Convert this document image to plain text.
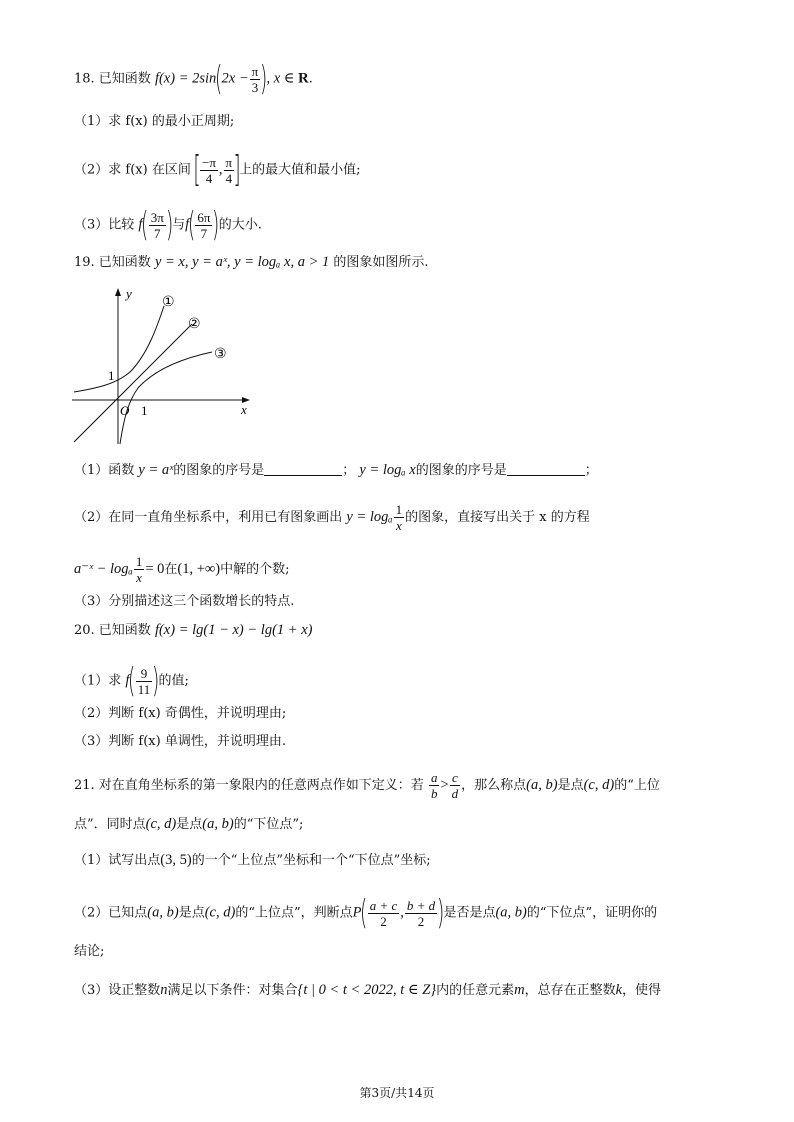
18. 已知函数 $f(x) = 2\sin(2x - \frac{\pi}{3}$ ), x ∈ R.
（1）求 f(x) 的最小正周期;
（2）求 f(x) 在区间 [ $\frac{-\pi}{4}$ , $\frac{\pi}{4}$ ]上的最大值和最小值;
（3）比较 $f( \frac{3\pi}{7}$ )与$f( \frac{6\pi}{7}$ )的大小.
19. 已知函数 y = x, y = aˣ, y = logₐ x, a > 1 的图象如图所示.
y
x
O 1
1
①
②
③
（1）函数 y = aˣ的图象的序号是	； y = logₐ x的图象的序号是	；
（2）在同一直角坐标系中，利用已有图象画出 y = logₐ $\frac{1}{x}$ 的图象，直接写出关于 x 的方程
a⁻ˣ − logₐ $\frac{1}{x} = 0$在(1, +∞)中解的个数;
（3）分别描述这三个函数增长的特点.
20. 已知函数 f(x) = lg(1 − x) − lg(1 + x)
（1）求 $f( \frac{9}{11}$ )的值;
（2）判断 f(x) 奇偶性，并说明理由;
（3）判断 f(x) 单调性，并说明理由.
21. 对在直角坐标系的第一象限内的任意两点作如下定义：若 $\frac{a}{b} > \frac{c}{d}$ ，那么称点(a, b)是点(c, d)的“上位
点”．同时点(c, d)是点(a, b)的“下位点”;
（1）试写出点(3, 5)的一个“上位点”坐标和一个“下位点”坐标;
（2）已知点(a, b)是点(c, d)的“上位点”，判断点$P( \frac{a + c}{2}$ , $\frac{b + d}{2}$ )是否是点(a, b)的“下位点”，证明你的
结论;
（3）设正整数n满足以下条件：对集合{t | 0 < t < 2022, t ∈ Z}内的任意元素m，总存在正整数k，使得
第3页/共14页
